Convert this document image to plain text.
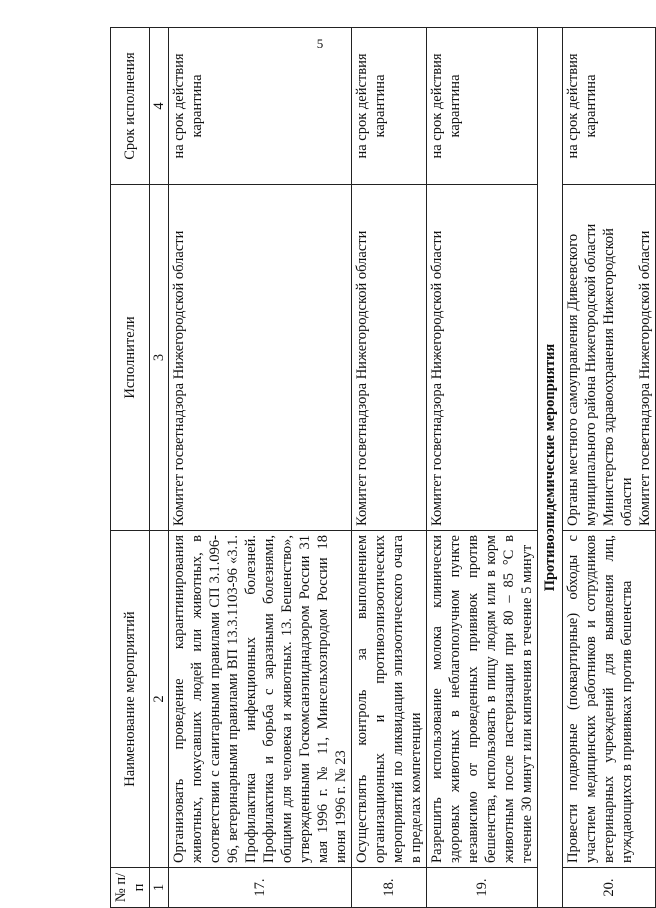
5
№ п/п	Наименование мероприятий	Исполнители	Срок исполнения
1	2	3	4
17.	Организовать проведение карантинирования животных, покусавших людей или животных, в соответствии с санитарными правилами СП 3.1.096-96, ветеринарными правилами ВП 13.3.1103-96 «3.1. Профилактика инфекционных болезней. Профилактика и борьба с заразными болезнями, общими для человека и животных. 13. Бешенство», утвержденными Госкомсанэпиднадзором России 31 мая 1996 г. № 11, Минсельхозпродом России 18 июня 1996 г. № 23	Комитет госветнадзора Нижегородской области	на срок действия карантина
18.	Осуществлять контроль за выполнением организационных и противоэпизоотических мероприятий по ликвидации эпизоотического очага в пределах компетенции	Комитет госветнадзора Нижегородской области	на срок действия карантина
19.	Разрешить использование молока клинически здоровых животных в неблагополучном пункте независимо от проведенных прививок против бешенства, использовать в пищу людям или в корм животным после пастеризации при 80 – 85 °С в течение 30 минут или кипячения в течение 5 минут	Комитет госветнадзора Нижегородской области	на срок действия карантина
Противоэпидемические мероприятия			
20.	Провести подворные (поквартирные) обходы с участием медицинских работников и сотрудников ветеринарных учреждений для выявления лиц, нуждающихся в прививках против бешенства	Органы местного самоуправления Дивеевского муниципального района Нижегородской области Министерство здравоохранения Нижегородской области Комитет госветнадзора Нижегородской области	на срок действия карантина
